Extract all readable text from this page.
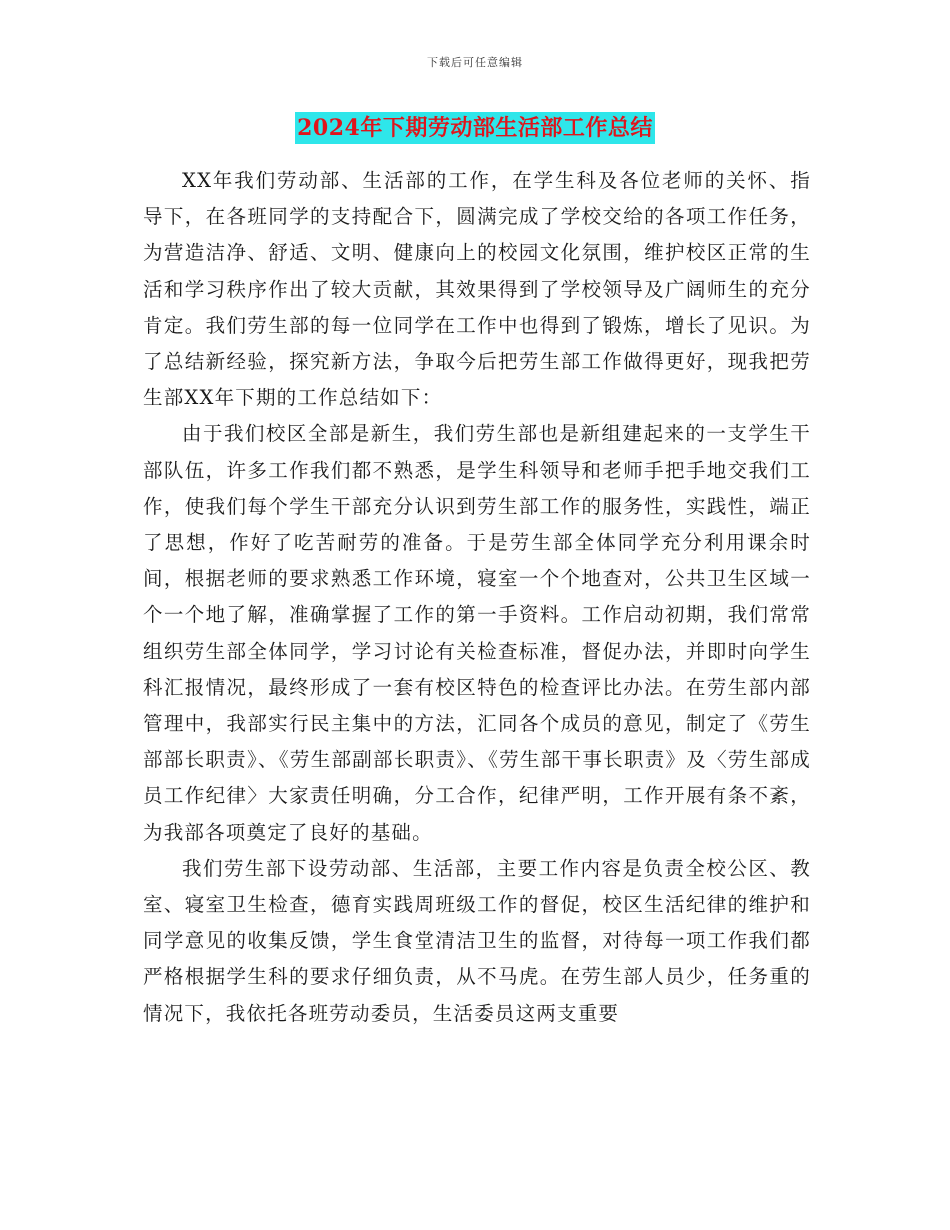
下载后可任意编辑
2024年下期劳动部生活部工作总结

XX年我们劳动部、生活部的工作，在学生科及各位老师的关怀、指导下，在各班同学的支持配合下，圆满完成了学校交给的各项工作任务，为营造洁净、舒适、文明、健康向上的校园文化氛围，维护校区正常的生活和学习秩序作出了较大贡献，其效果得到了学校领导及广阔师生的充分肯定。我们劳生部的每一位同学在工作中也得到了锻炼，增长了见识。为了总结新经验，探究新方法，争取今后把劳生部工作做得更好，现我把劳生部XX年下期的工作总结如下：

由于我们校区全部是新生，我们劳生部也是新组建起来的一支学生干部队伍，许多工作我们都不熟悉，是学生科领导和老师手把手地交我们工作，使我们每个学生干部充分认识到劳生部工作的服务性，实践性，端正了思想，作好了吃苦耐劳的准备。于是劳生部全体同学充分利用课余时间，根据老师的要求熟悉工作环境，寝室一个个地查对，公共卫生区域一个一个地了解，准确掌握了工作的第一手资料。工作启动初期，我们常常组织劳生部全体同学，学习讨论有关检查标准，督促办法，并即时向学生科汇报情况，最终形成了一套有校区特色的检查评比办法。在劳生部内部管理中，我部实行民主集中的方法，汇同各个成员的意见，制定了《劳生部部长职责》、《劳生部副部长职责》、《劳生部干事长职责》及〈劳生部成员工作纪律〉大家责任明确，分工合作，纪律严明，工作开展有条不紊，为我部各项奠定了良好的基础。

我们劳生部下设劳动部、生活部，主要工作内容是负责全校公区、教室、寝室卫生检查，德育实践周班级工作的督促，校区生活纪律的维护和同学意见的收集反馈，学生食堂清洁卫生的监督，对待每一项工作我们都严格根据学生科的要求仔细负责，从不马虎。在劳生部人员少，任务重的情况下，我依托各班劳动委员，生活委员这两支重要
